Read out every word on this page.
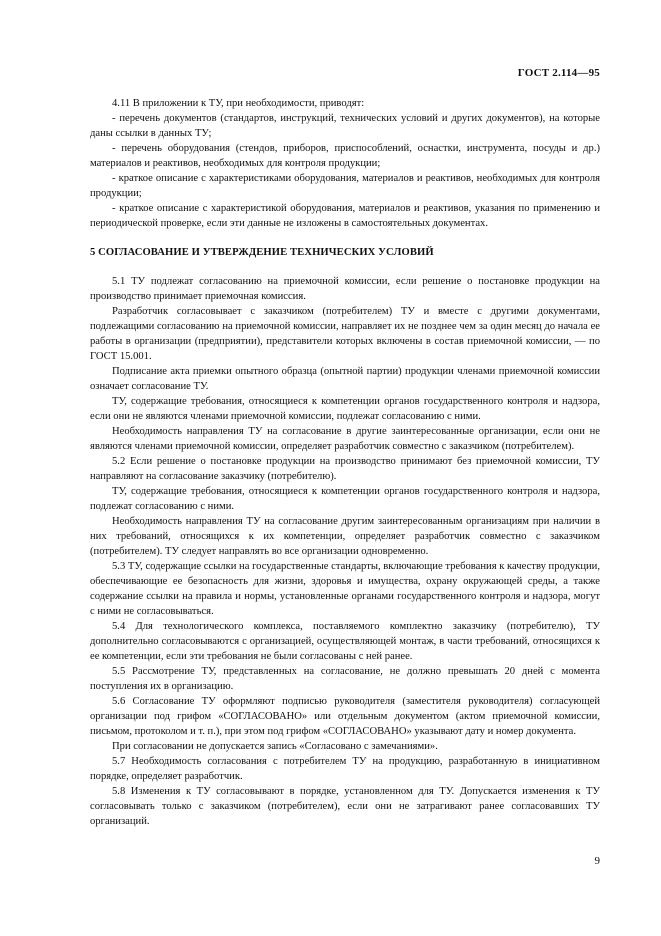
ГОСТ 2.114—95

4.11 В приложении к ТУ, при необходимости, приводят:

- перечень документов (стандартов, инструкций, технических условий и других документов), на которые даны ссылки в данных ТУ;

- перечень оборудования (стендов, приборов, приспособлений, оснастки, инструмента, посуды и др.) материалов и реактивов, необходимых для контроля продукции;

- краткое описание с характеристиками оборудования, материалов и реактивов, необходимых для контроля продукции;

- краткое описание с характеристикой оборудования, материалов и реактивов, указания по применению и периодической проверке, если эти данные не изложены в самостоятельных документах.

5 СОГЛАСОВАНИЕ И УТВЕРЖДЕНИЕ ТЕХНИЧЕСКИХ УСЛОВИЙ

5.1 ТУ подлежат согласованию на приемочной комиссии, если решение о постановке продукции на производство принимает приемочная комиссия.

Разработчик согласовывает с заказчиком (потребителем) ТУ и вместе с другими документами, подлежащими согласованию на приемочной комиссии, направляет их не позднее чем за один месяц до начала ее работы в организации (предприятии), представители которых включены в состав приемочной комиссии, — по ГОСТ 15.001.

Подписание акта приемки опытного образца (опытной партии) продукции членами приемочной комиссии означает согласование ТУ.

ТУ, содержащие требования, относящиеся к компетенции органов государственного контроля и надзора, если они не являются членами приемочной комиссии, подлежат согласованию с ними.

Необходимость направления ТУ на согласование в другие заинтересованные организации, если они не являются членами приемочной комиссии, определяет разработчик совместно с заказчиком (потребителем).

5.2 Если решение о постановке продукции на производство принимают без приемочной комиссии, ТУ направляют на согласование заказчику (потребителю).

ТУ, содержащие требования, относящиеся к компетенции органов государственного контроля и надзора, подлежат согласованию с ними.

Необходимость направления ТУ на согласование другим заинтересованным организациям при наличии в них требований, относящихся к их компетенции, определяет разработчик совместно с заказчиком (потребителем). ТУ следует направлять во все организации одновременно.

5.3 ТУ, содержащие ссылки на государственные стандарты, включающие требования к качеству продукции, обеспечивающие ее безопасность для жизни, здоровья и имущества, охрану окружающей среды, а также содержание ссылки на правила и нормы, установленные органами государственного контроля и надзора, могут с ними не согласовываться.

5.4 Для технологического комплекса, поставляемого комплектно заказчику (потребителю), ТУ дополнительно согласовываются с организацией, осуществляющей монтаж, в части требований, относящихся к ее компетенции, если эти требования не были согласованы с ней ранее.

5.5 Рассмотрение ТУ, представленных на согласование, не должно превышать 20 дней с момента поступления их в организацию.

5.6 Согласование ТУ оформляют подписью руководителя (заместителя руководителя) согласующей организации под грифом «СОГЛАСОВАНО» или отдельным документом (актом приемочной комиссии, письмом, протоколом и т. п.), при этом под грифом «СОГЛАСОВАНО» указывают дату и номер документа.

При согласовании не допускается запись «Согласовано с замечаниями».

5.7 Необходимость согласования с потребителем ТУ на продукцию, разработанную в инициативном порядке, определяет разработчик.

5.8 Изменения к ТУ согласовывают в порядке, установленном для ТУ. Допускается изменения к ТУ согласовывать только с заказчиком (потребителем), если они не затрагивают ранее согласовавших ТУ организаций.

9
